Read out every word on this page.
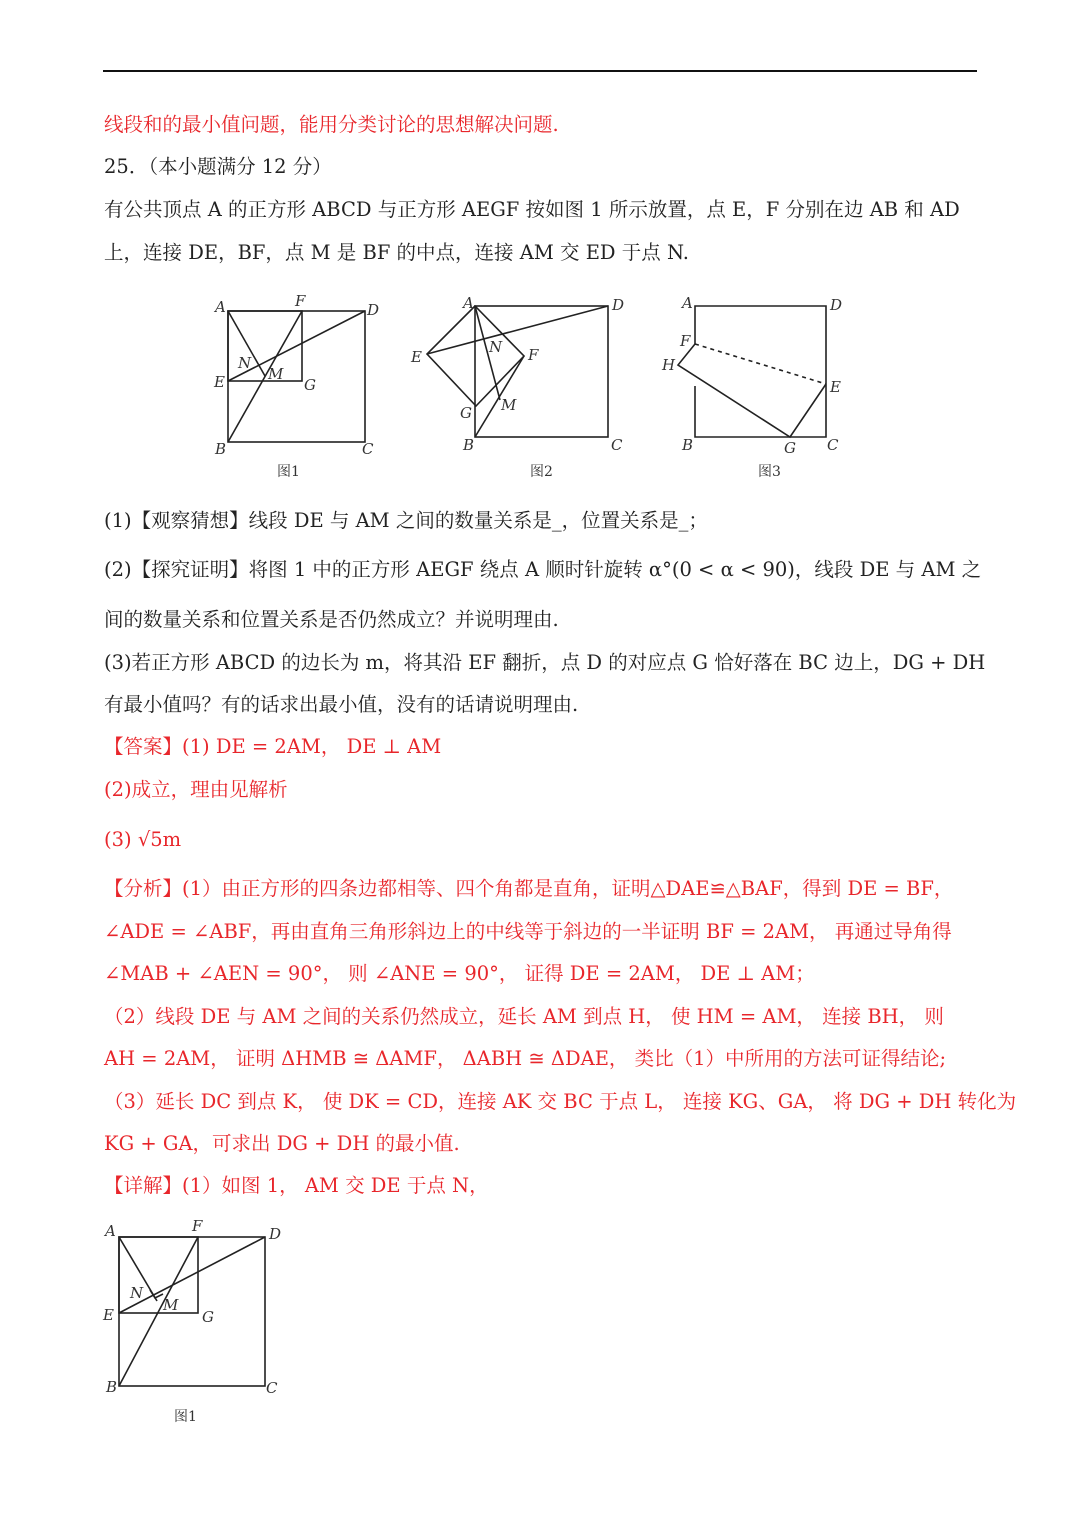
线段和的最小值问题，能用分类讨论的思想解决问题.
25．（本小题满分 12 分）
有公共顶点 A 的正方形 ABCD 与正方形 AEGF 按如图 1 所示放置，点 E，F 分别在边 AB 和 AD
上，连接 DE，BF，点 M 是 BF 的中点，连接 AM 交 ED 于点 N.
A	F	D
N
M
E	G
B	C
图1
A	D
E
N F
G M
B	C
图2
A	D
F
H
E
B	G C
图3
(1)【观察猜想】线段 DE 与 AM 之间的数量关系是_，位置关系是_；
(2)【探究证明】将图 1 中的正方形 AEGF 绕点 A 顺时针旋转 α°(0 < α < 90)，线段 DE 与 AM 之
间的数量关系和位置关系是否仍然成立？并说明理由.
(3)若正方形 ABCD 的边长为 m，将其沿 EF 翻折，点 D 的对应点 G 恰好落在 BC 边上，DG + DH
有最小值吗？有的话求出最小值，没有的话请说明理由.
【答案】(1) DE = 2AM， DE ⊥ AM
(2)成立，理由见解析
(3) √5m
【分析】(1）由正方形的四条边都相等、四个角都是直角，证明△DAE≌△BAF，得到 DE = BF，
∠ADE = ∠ABF，再由直角三角形斜边上的中线等于斜边的一半证明 BF = 2AM， 再通过导角得
∠MAB + ∠AEN = 90°， 则 ∠ANE = 90°， 证得 DE = 2AM， DE ⊥ AM；
（2）线段 DE 与 AM 之间的关系仍然成立，延长 AM 到点 H， 使 HM = AM， 连接 BH， 则
AH = 2AM， 证明 ΔHMB ≅ ΔAMF， ΔABH ≅ ΔDAE， 类比（1）中所用的方法可证得结论;
（3）延长 DC 到点 K， 使 DK = CD，连接 AK 交 BC 于点 L， 连接 KG、GA， 将 DG + DH 转化为
KG + GA，可求出 DG + DH 的最小值.
【详解】(1）如图 1， AM 交 DE 于点 N，
A	F	D
N
M
E	G
B	C
图1
